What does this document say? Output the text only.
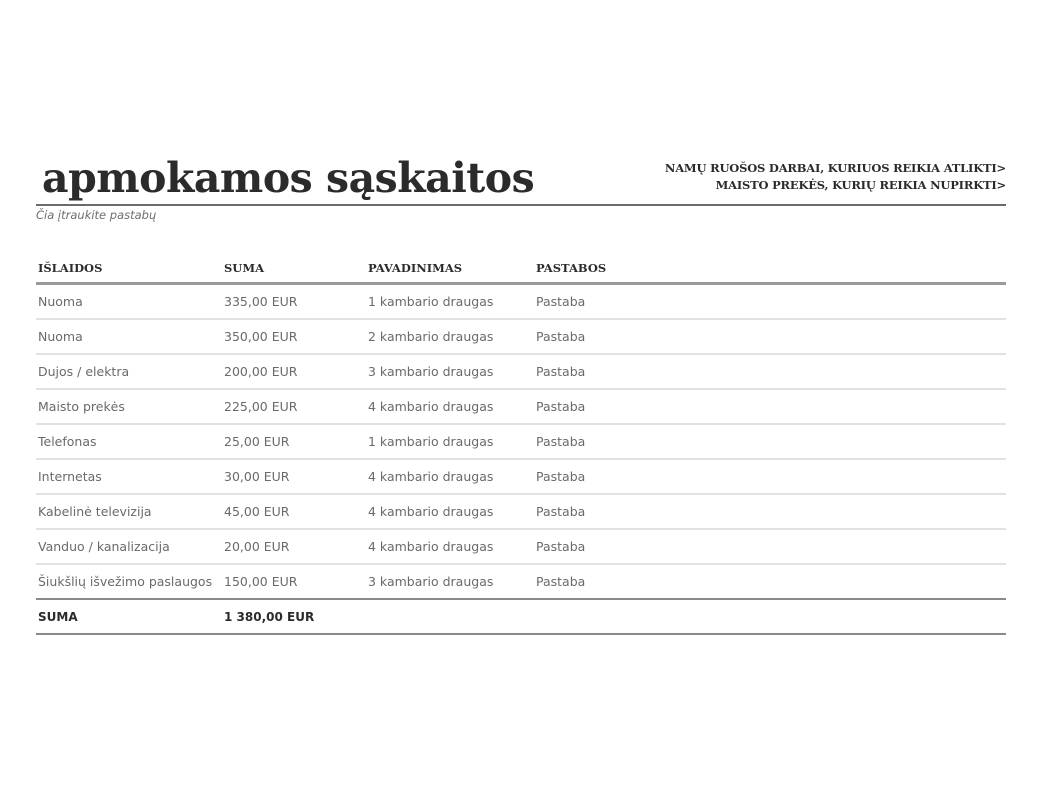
apmokamos sąskaitos	NAMŲ RUOŠOS DARBAI, KURIUOS REIKIA ATLIKTI>
MAISTO PREKĖS, KURIŲ REIKIA NUPIRKTI>
Čia įtraukite pastabų
IŠLAIDOS	SUMA	PAVADINIMAS	PASTABOS
Nuoma	335,00 EUR	1 kambario draugas	Pastaba
Nuoma	350,00 EUR	2 kambario draugas	Pastaba
Dujos / elektra	200,00 EUR	3 kambario draugas	Pastaba
Maisto prekės	225,00 EUR	4 kambario draugas	Pastaba
Telefonas	25,00 EUR	1 kambario draugas	Pastaba
Internetas	30,00 EUR	4 kambario draugas	Pastaba
Kabelinė televizija	45,00 EUR	4 kambario draugas	Pastaba
Vanduo / kanalizacija	20,00 EUR	4 kambario draugas	Pastaba
Šiukšlių išvežimo paslaugos	150,00 EUR	3 kambario draugas	Pastaba
SUMA	1 380,00 EUR		
